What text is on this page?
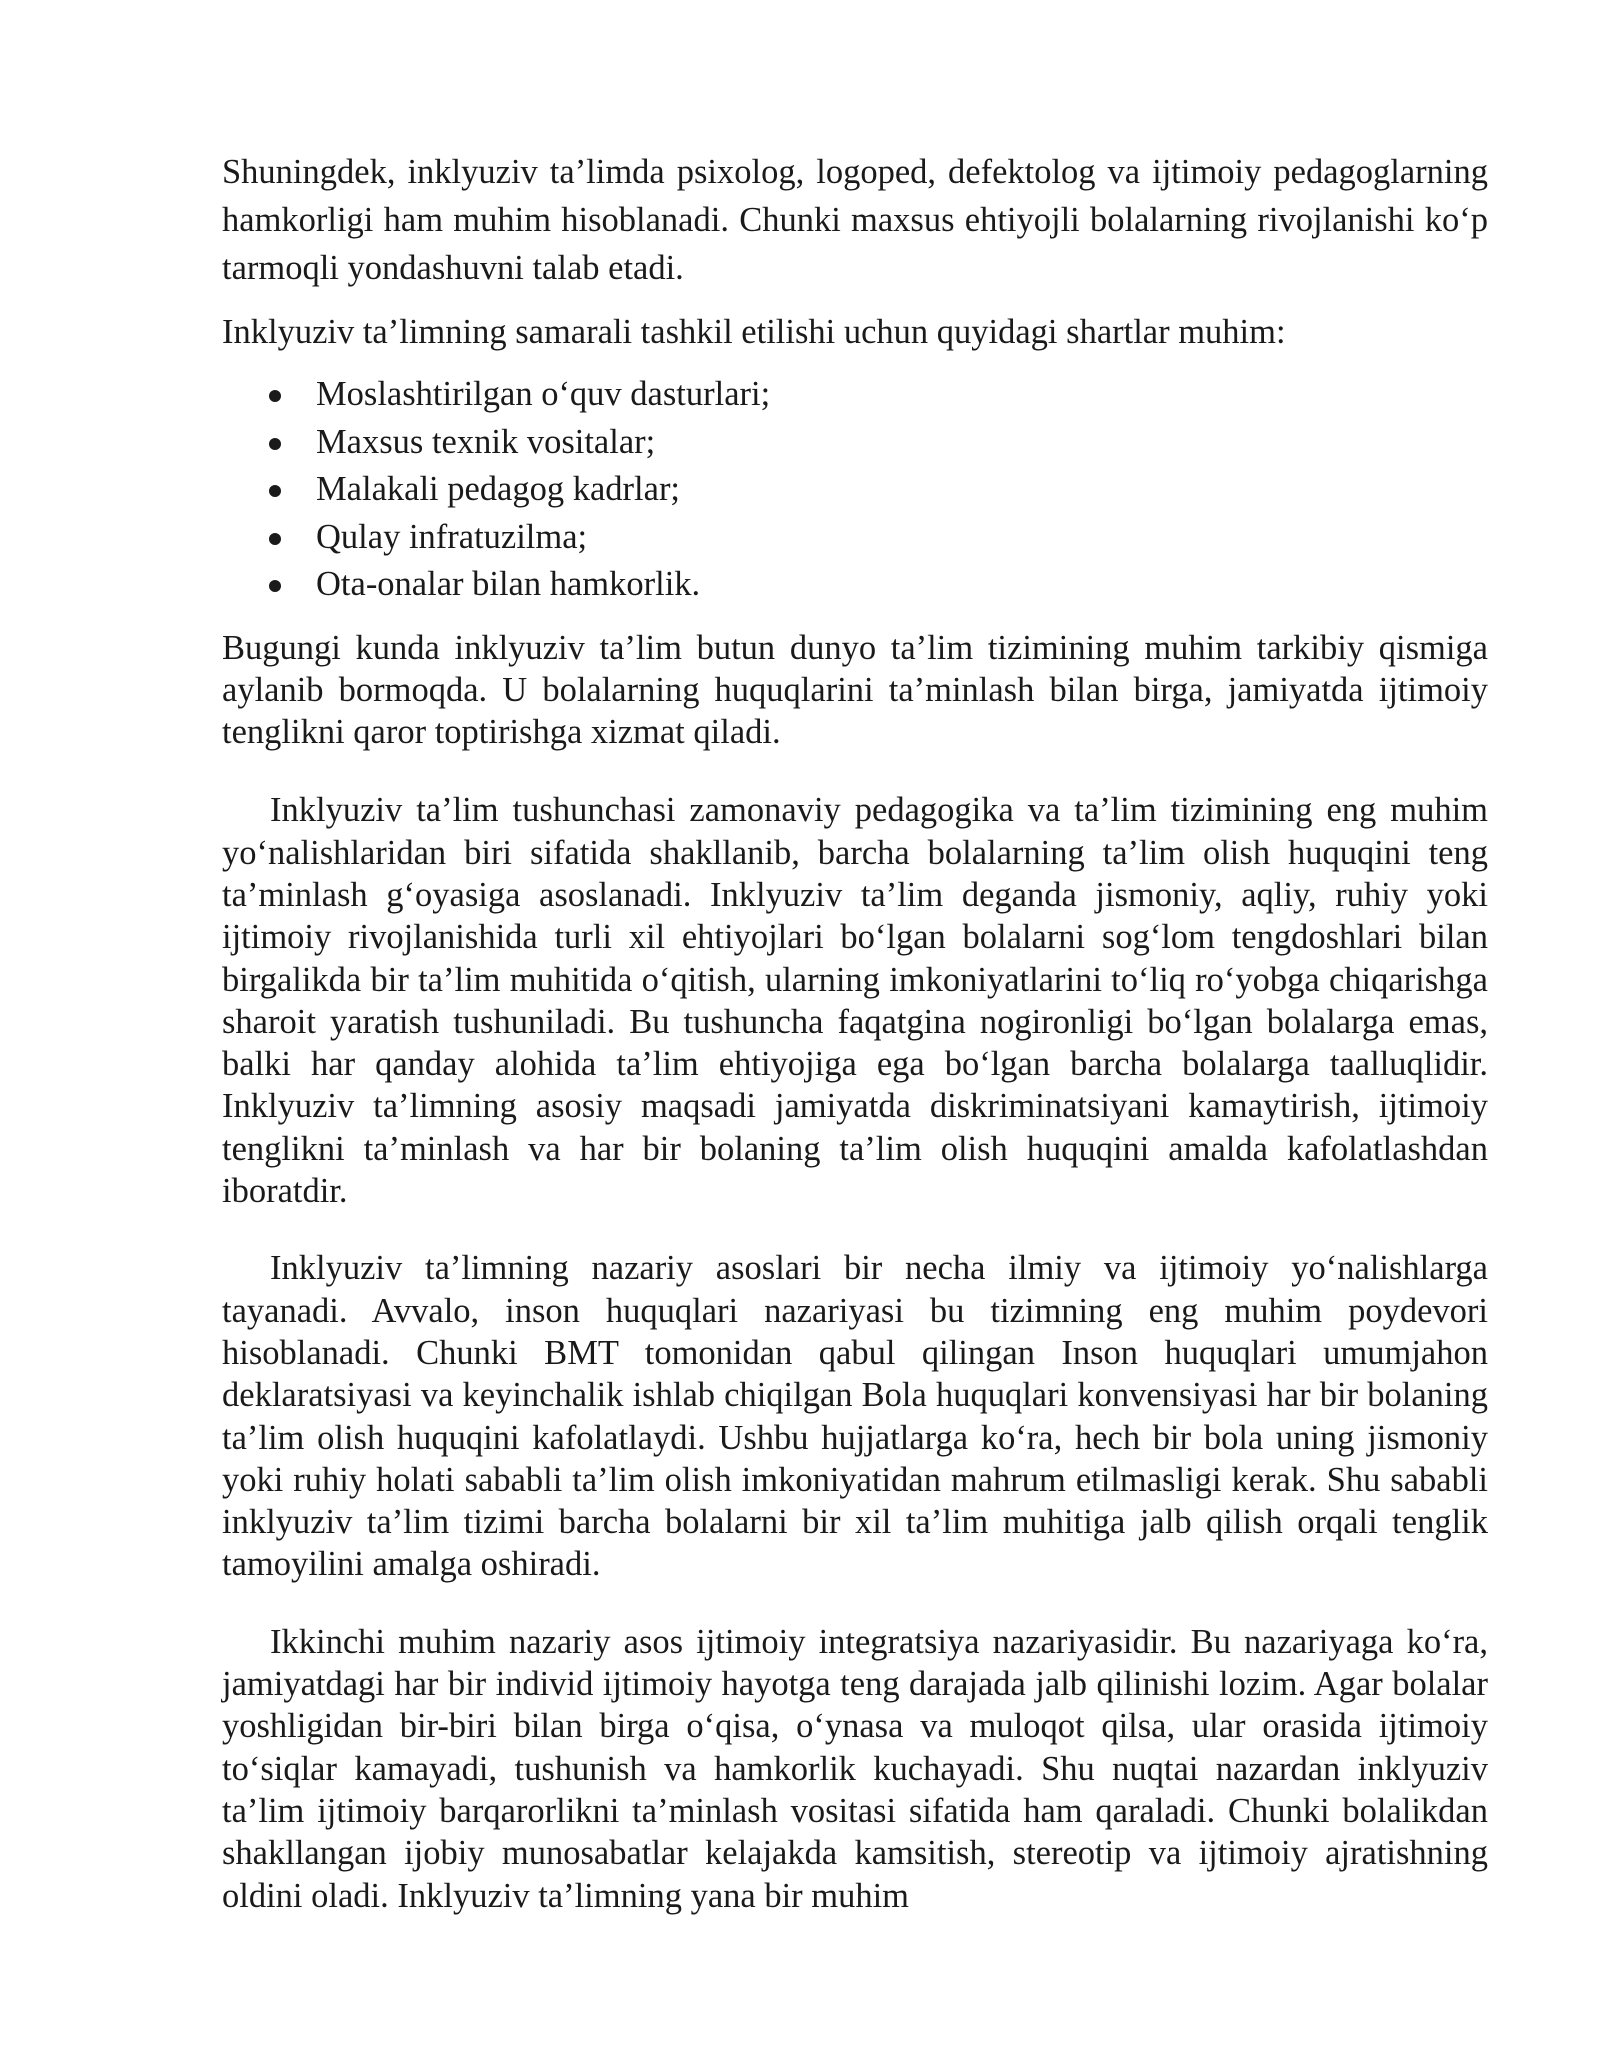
Shuningdek, inklyuziv ta’limda psixolog, logoped, defektolog va ijtimoiy pedagoglarning hamkorligi ham muhim hisoblanadi. Chunki maxsus ehtiyojli bolalarning rivojlanishi ko‘p tarmoqli yondashuvni talab etadi.

Inklyuziv ta’limning samarali tashkil etilishi uchun quyidagi shartlar muhim:

Moslashtirilgan o‘quv dasturlari;
Maxsus texnik vositalar;
Malakali pedagog kadrlar;
Qulay infratuzilma;
Ota-onalar bilan hamkorlik.

Bugungi kunda inklyuziv ta’lim butun dunyo ta’lim tizimining muhim tarkibiy qismiga aylanib bormoqda. U bolalarning huquqlarini ta’minlash bilan birga, jamiyatda ijtimoiy tenglikni qaror toptirishga xizmat qiladi.

Inklyuziv ta’lim tushunchasi zamonaviy pedagogika va ta’lim tizimining eng muhim yo‘nalishlaridan biri sifatida shakllanib, barcha bolalarning ta’lim olish huquqini teng ta’minlash g‘oyasiga asoslanadi. Inklyuziv ta’lim deganda jismoniy, aqliy, ruhiy yoki ijtimoiy rivojlanishida turli xil ehtiyojlari bo‘lgan bolalarni sog‘lom tengdoshlari bilan birgalikda bir ta’lim muhitida o‘qitish, ularning imkoniyatlarini to‘liq ro‘yobga chiqarishga sharoit yaratish tushuniladi. Bu tushuncha faqatgina nogironligi bo‘lgan bolalarga emas, balki har qanday alohida ta’lim ehtiyojiga ega bo‘lgan barcha bolalarga taalluqlidir. Inklyuziv ta’limning asosiy maqsadi jamiyatda diskriminatsiyani kamaytirish, ijtimoiy tenglikni ta’minlash va har bir bolaning ta’lim olish huquqini amalda kafolatlashdan iboratdir.

Inklyuziv ta’limning nazariy asoslari bir necha ilmiy va ijtimoiy yo‘nalishlarga tayanadi. Avvalo, inson huquqlari nazariyasi bu tizimning eng muhim poydevori hisoblanadi. Chunki BMT tomonidan qabul qilingan Inson huquqlari umumjahon deklaratsiyasi va keyinchalik ishlab chiqilgan Bola huquqlari konvensiyasi har bir bolaning ta’lim olish huquqini kafolatlaydi. Ushbu hujjatlarga ko‘ra, hech bir bola uning jismoniy yoki ruhiy holati sababli ta’lim olish imkoniyatidan mahrum etilmasligi kerak. Shu sababli inklyuziv ta’lim tizimi barcha bolalarni bir xil ta’lim muhitiga jalb qilish orqali tenglik tamoyilini amalga oshiradi.

Ikkinchi muhim nazariy asos ijtimoiy integratsiya nazariyasidir. Bu nazariyaga ko‘ra, jamiyatdagi har bir individ ijtimoiy hayotga teng darajada jalb qilinishi lozim. Agar bolalar yoshligidan bir-biri bilan birga o‘qisa, o‘ynasa va muloqot qilsa, ular orasida ijtimoiy to‘siqlar kamayadi, tushunish va hamkorlik kuchayadi. Shu nuqtai nazardan inklyuziv ta’lim ijtimoiy barqarorlikni ta’minlash vositasi sifatida ham qaraladi. Chunki bolalikdan shakllangan ijobiy munosabatlar kelajakda kamsitish, stereotip va ijtimoiy ajratishning oldini oladi. Inklyuziv ta’limning yana bir muhim
